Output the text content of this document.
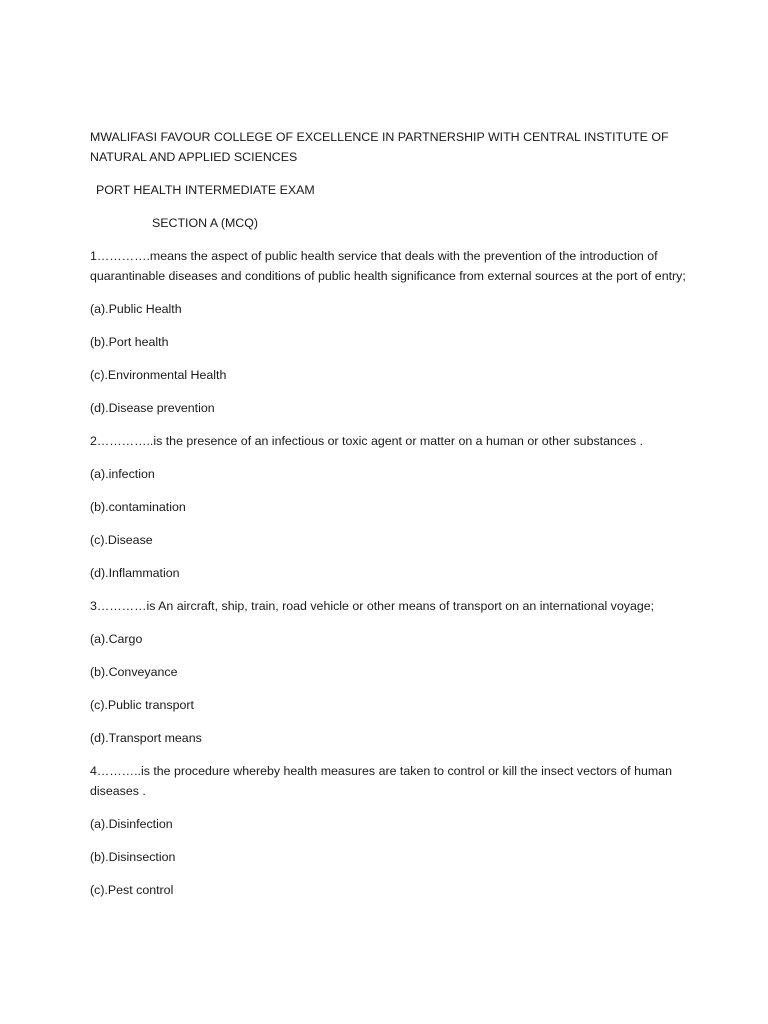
MWALIFASI FAVOUR COLLEGE OF EXCELLENCE IN PARTNERSHIP WITH CENTRAL INSTITUTE OF NATURAL AND APPLIED SCIENCES

PORT HEALTH INTERMEDIATE EXAM

SECTION A (MCQ)

1………….means the aspect of public health service that deals with the prevention of the introduction of quarantinable diseases and conditions of public health significance from external sources at the port of entry;

(a).Public Health

(b).Port health

(c).Environmental Health

(d).Disease prevention

2…………..is the presence of an infectious or toxic agent or matter on a human or other substances .

(a).infection

(b).contamination

(c).Disease

(d).Inflammation

3…………is An aircraft, ship, train, road vehicle or other means of transport on an international voyage;

(a).Cargo

(b).Conveyance

(c).Public transport

(d).Transport means

4………..is the procedure whereby health measures are taken to control or kill the insect vectors of human diseases .

(a).Disinfection

(b).Disinsection

(c).Pest control
